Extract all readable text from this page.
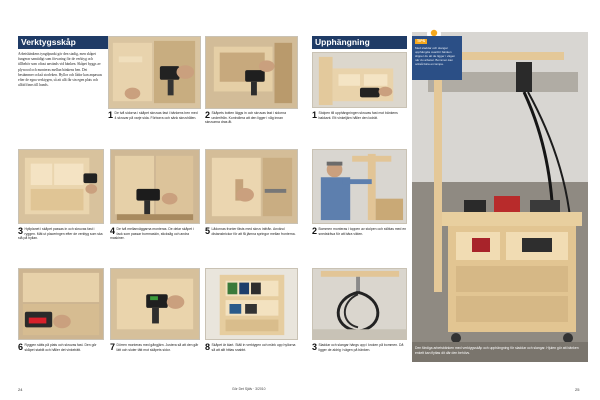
Verktygsskåp
Arbetsbänkens tyngdpunkt gör den stadig, men skåpet fungerar samtidigt som förvaring för de verktyg och tillbehör som oftast används vid bänken. Skåpet byggs av plywood och monteras mellan bänkens ben. Det bestämmer också storleken. Hyllor och lådor kan anpassas efter de egna verktygen, så att allt får sin egen plats och alltid finns till hands.
1 De två sidorna i skåpet skruvas fast i bänkens ben med 4 skruvar på varje sida. Förborra och sänk skruvhålen. 2 Skåpets botten läggs in och skruvas fast i sidorna underifrån. Kontrollera att den ligger i våg innan skruvarna dras åt.
3 Hyllplanet i skåpet passas in och skruvas fast i ryggen. Mät ut placeringen efter de verktyg som ska stå på hyllan.
4 De två mellanväggarna monteras. De delar skåpet i fack som passar borrmaskin, sticksåg och andra maskiner.
5 Lådornas fronter fästs med skruv inifrån. Använd distansbrickor för att få jämna springor mellan fronterna.
6 Ryggen sätts på plats och skruvas fast. Den gör skåpet stabilt och håller det vinkelrätt.	7 Dörren monteras med gångjärn. Justera så att den går lätt och sluter tätt mot skåpets sidor.	8 Skåpet är klart. Ställ in verktygen och märk upp hyllorna så att allt hittas snabbt.
24	Gör Det Själv · 3/2010
Upphängning
1 Stolpen till upphängningen skruvas fast mot bänkens bakkant. Ett vinkeljärn håller den lodrät.
2 Bommen monteras i toppen av stolpen och stöttas med en snedsträva för att bära vikten.
3 Sladdar och slangar hängs upp i kroken på bommen. Då ligger de aldrig i vägen på bänken.
TIPS
Med sladdar och slangar upphängda ovanför bänken slipper du att de ligger i vägen när du arbetar. Bommen kan också bära en lampa.
Den färdiga arbetsbänken med verktygsskåp och upphängning för sladdar och slangar. Hjulen gör att bänken enkelt kan flyttas dit där den behövs.
25
